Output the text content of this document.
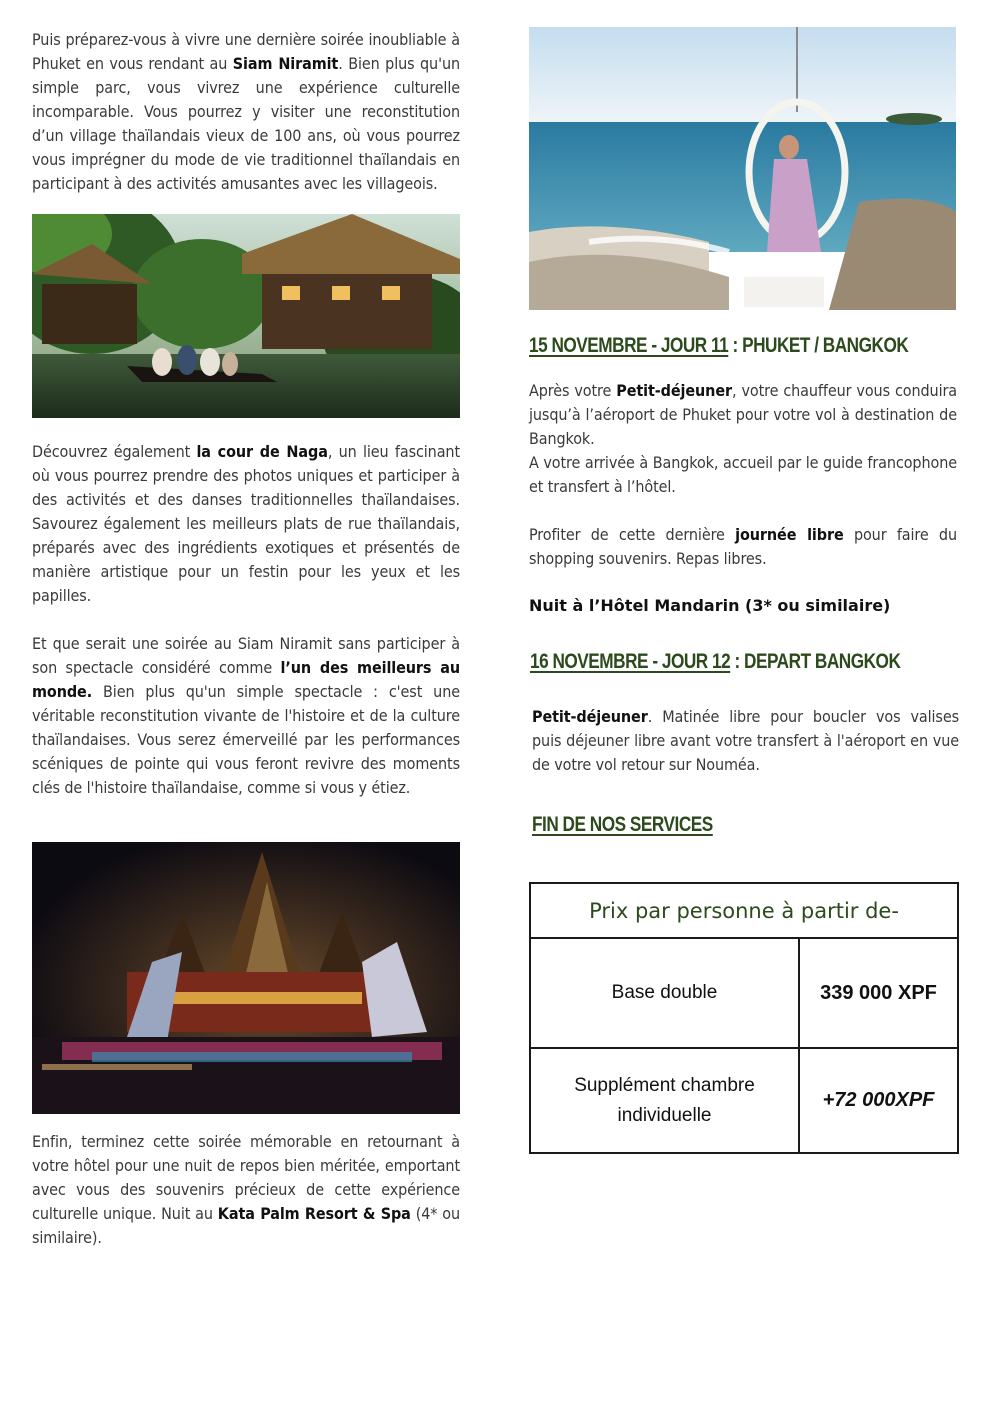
Puis préparez-vous à vivre une dernière soirée inoubliable à Phuket en vous rendant au Siam Niramit. Bien plus qu'un simple parc, vous vivrez une expérience culturelle incomparable. Vous pourrez y visiter une reconstitution d’un village thaïlandais vieux de 100 ans, où vous pourrez vous imprégner du mode de vie traditionnel thaïlandais en participant à des activités amusantes avec les villageois.

Découvrez également la cour de Naga, un lieu fascinant où vous pourrez prendre des photos uniques et participer à des activités et des danses traditionnelles thaïlandaises. Savourez également les meilleurs plats de rue thaïlandais, préparés avec des ingrédients exotiques et présentés de manière artistique pour un festin pour les yeux et les papilles.

Et que serait une soirée au Siam Niramit sans participer à son spectacle considéré comme l’un des meilleurs au monde. Bien plus qu'un simple spectacle : c'est une véritable reconstitution vivante de l'histoire et de la culture thaïlandaises. Vous serez émerveillé par les performances scéniques de pointe qui vous feront revivre des moments clés de l'histoire thaïlandaise, comme si vous y étiez.

Enfin, terminez cette soirée mémorable en retournant à votre hôtel pour une nuit de repos bien méritée, emportant avec vous des souvenirs précieux de cette expérience culturelle unique. Nuit au Kata Palm Resort & Spa (4* ou similaire).

15 NOVEMBRE - JOUR 11 : PHUKET / BANGKOK

Après votre Petit-déjeuner, votre chauffeur vous conduira jusqu’à l’aéroport de Phuket pour votre vol à destination de Bangkok.

A votre arrivée à Bangkok, accueil par le guide francophone et transfert à l’hôtel.

Profiter de cette dernière journée libre pour faire du shopping souvenirs. Repas libres.

Nuit à l’Hôtel Mandarin (3* ou similaire)
16 NOVEMBRE - JOUR 12 : DEPART BANGKOK

Petit-déjeuner. Matinée libre pour boucler vos valises puis déjeuner libre avant votre transfert à l'aéroport en vue de votre vol retour sur Nouméa.

FIN DE NOS SERVICES
Prix par personne à partir de-	
Base double	339 000 XPF
Supplément chambre individuelle	+72 000XPF
